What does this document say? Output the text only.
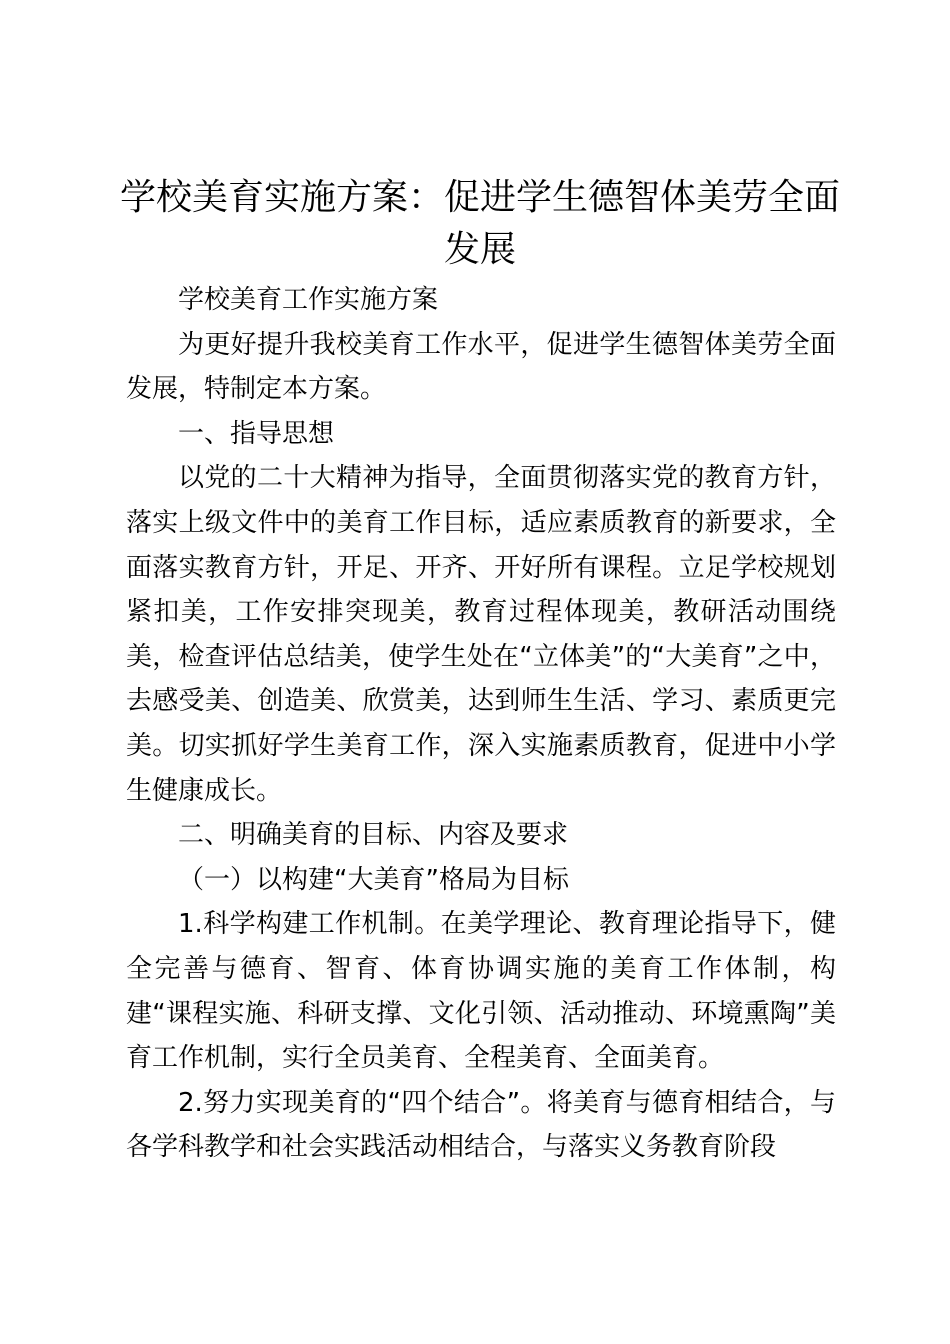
学校美育实施方案：促进学生德智体美劳全面发展

学校美育工作实施方案

为更好提升我校美育工作水平，促进学生德智体美劳全面发展，特制定本方案。

一、指导思想

以党的二十大精神为指导，全面贯彻落实党的教育方针，落实上级文件中的美育工作目标，适应素质教育的新要求，全面落实教育方针，开足、开齐、开好所有课程。立足学校规划紧扣美，工作安排突现美，教育过程体现美，教研活动围绕美，检查评估总结美，使学生处在“立体美”的“大美育”之中，去感受美、创造美、欣赏美，达到师生生活、学习、素质更完美。切实抓好学生美育工作，深入实施素质教育，促进中小学生健康成长。

二、明确美育的目标、内容及要求

（一）以构建“大美育”格局为目标

1.科学构建工作机制。在美学理论、教育理论指导下，健全完善与德育、智育、体育协调实施的美育工作体制，构建“课程实施、科研支撑、文化引领、活动推动、环境熏陶”美育工作机制，实行全员美育、全程美育、全面美育。

2.努力实现美育的“四个结合”。将美育与德育相结合，与各学科教学和社会实践活动相结合，与落实义务教育阶段
